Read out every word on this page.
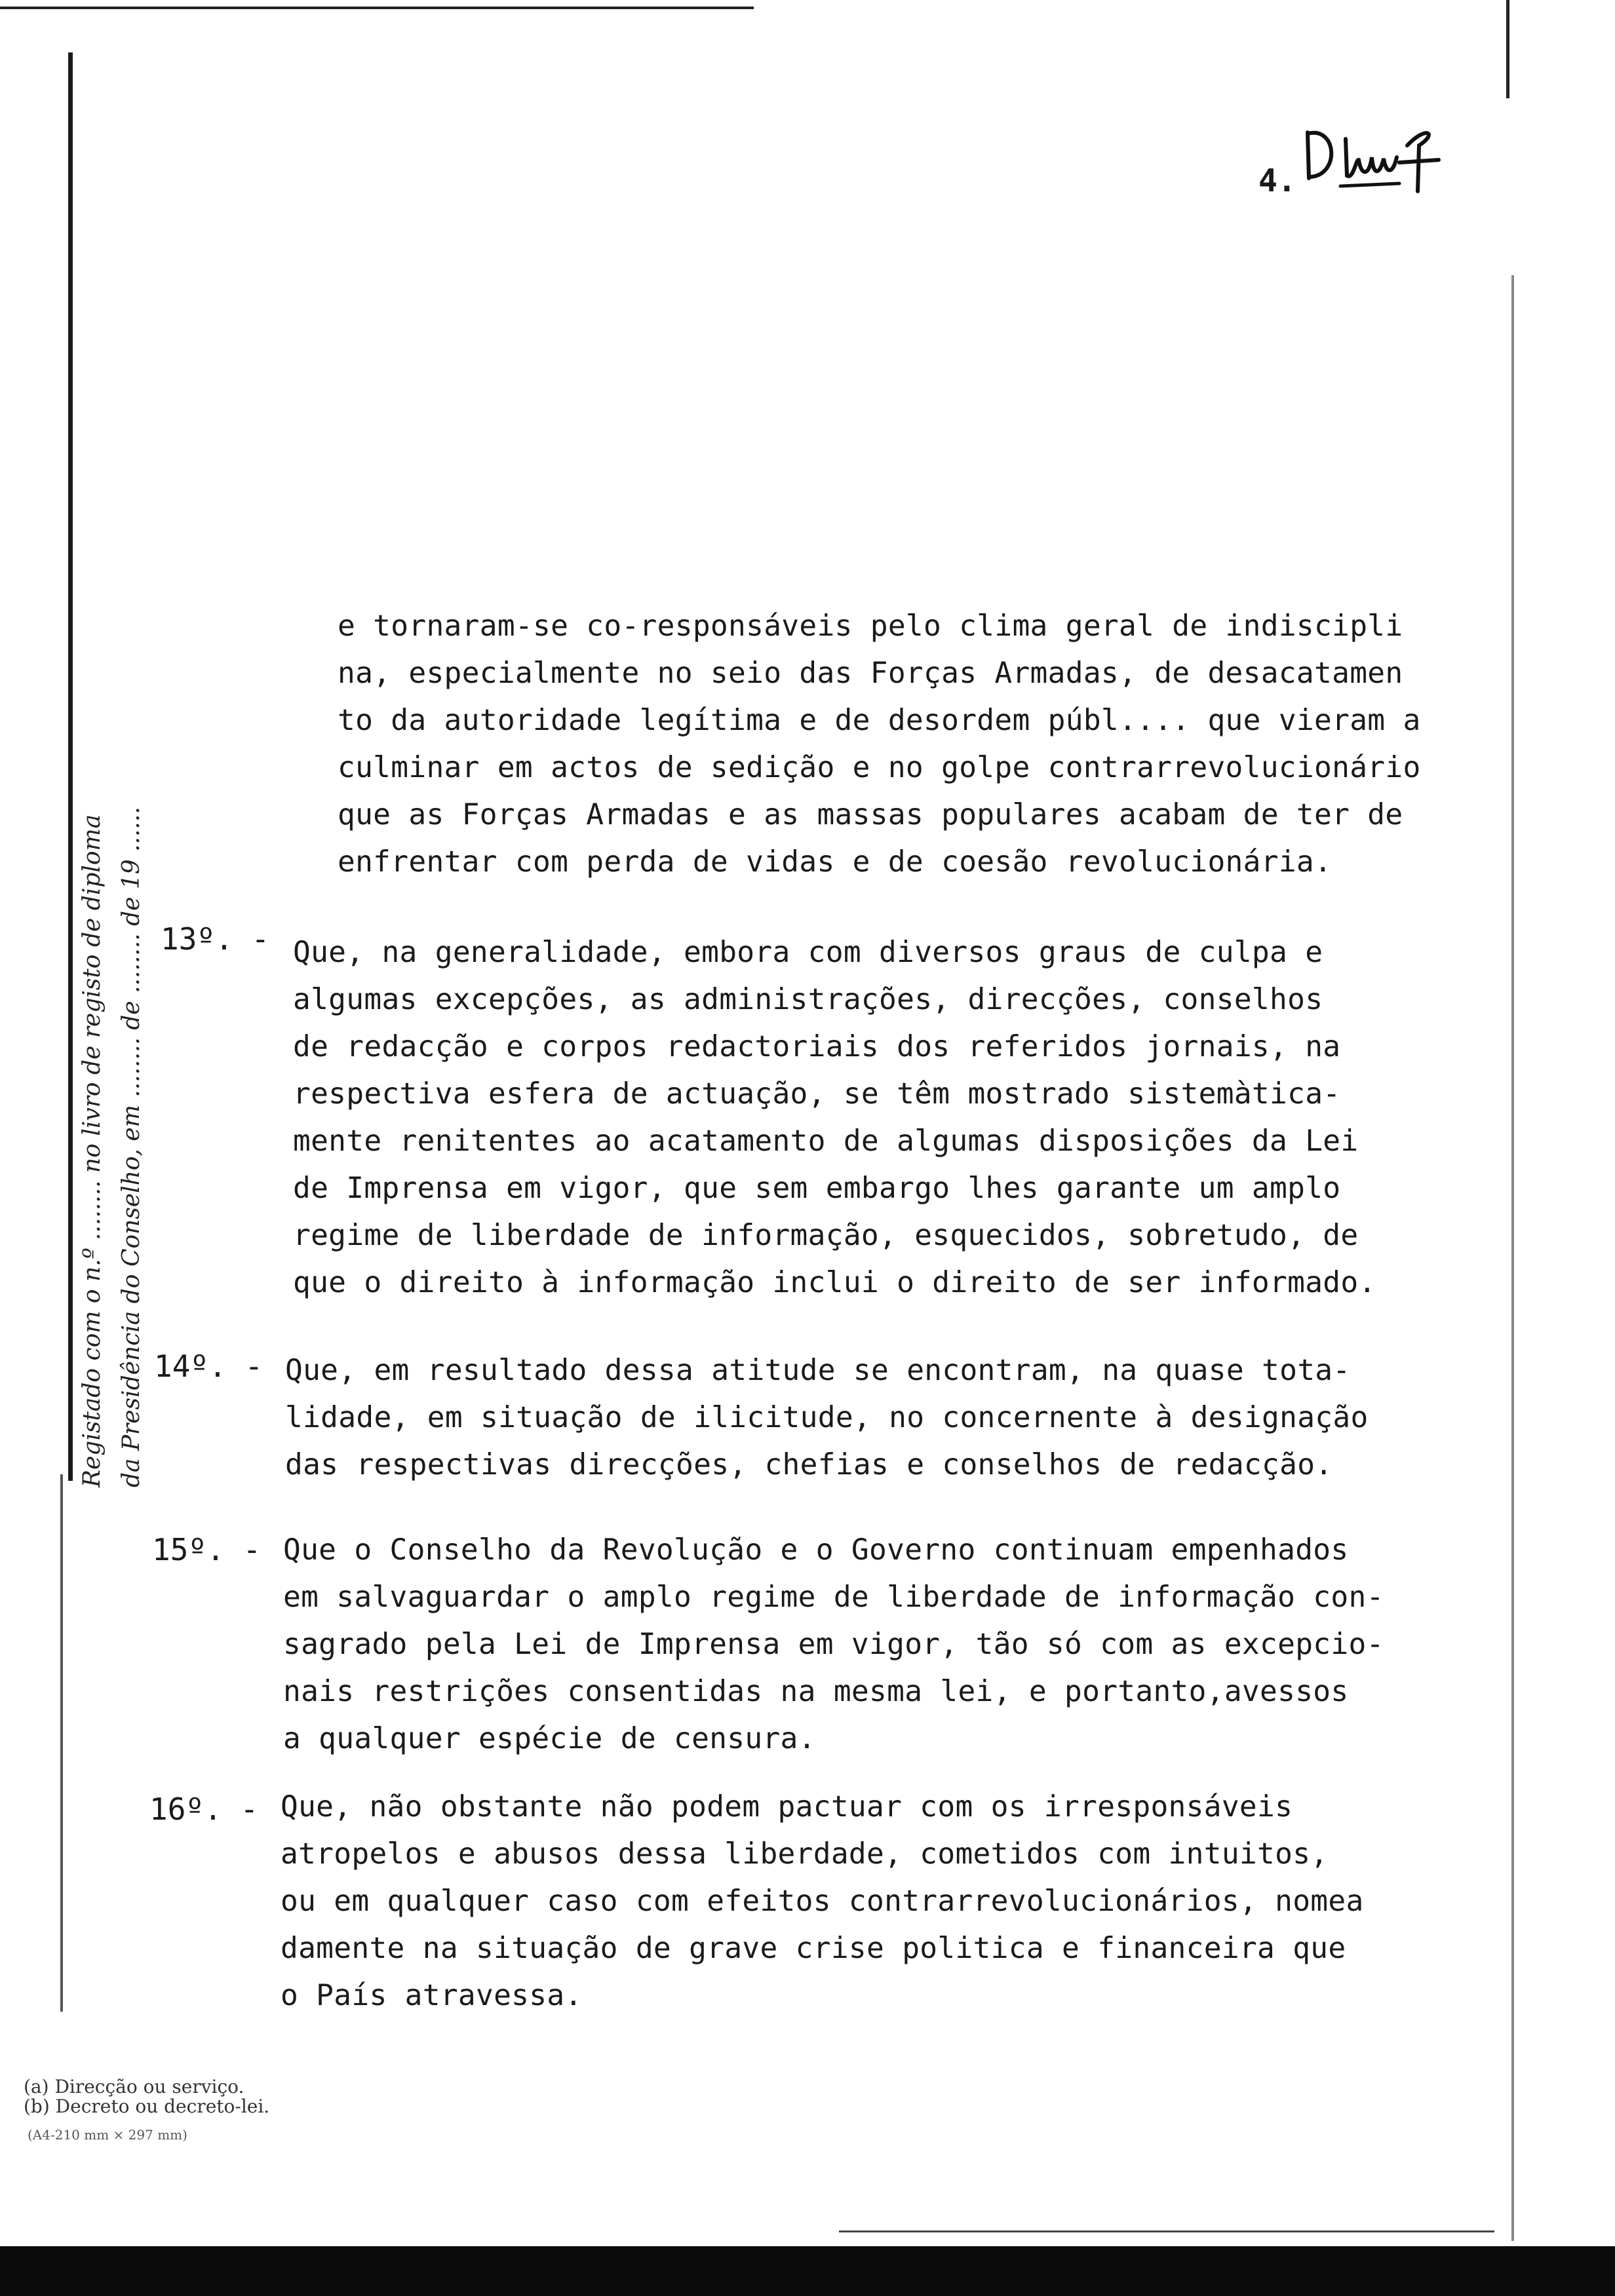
4.
Registado com o n.º ........ no livro de registo de diploma da Presidência do Conselho, em ........ de ........ de 19 ......
e tornaram-se co-responsáveis pelo clima geral de indiscipli
na, especialmente no seio das Forças Armadas, de desacatamen
to da autoridade legítima e de desordem públ.... que vieram a
culminar em actos de sedição e no golpe contrarrevolucionário
que as Forças Armadas e as massas populares acabam de ter de
enfrentar com perda de vidas e de coesão revolucionária.
13º. - Que, na generalidade, embora com diversos graus de culpa e
algumas excepções, as administrações, direcções, conselhos
de redacção e corpos redactoriais dos referidos jornais, na
respectiva esfera de actuação, se têm mostrado sistemàtica-
mente renitentes ao acatamento de algumas disposições da Lei
de Imprensa em vigor, que sem embargo lhes garante um amplo
regime de liberdade de informação, esquecidos, sobretudo, de
que o direito à informação inclui o direito de ser informado.
14º. - Que, em resultado dessa atitude se encontram, na quase tota-
lidade, em situação de ilicitude, no concernente à designação
das respectivas direcções, chefias e conselhos de redacção.
15º. - Que o Conselho da Revolução e o Governo continuam empenhados
em salvaguardar o amplo regime de liberdade de informação con-
sagrado pela Lei de Imprensa em vigor, tão só com as excepcio-
nais restrições consentidas na mesma lei, e portanto,avessos
a qualquer espécie de censura.
16º. - Que, não obstante não podem pactuar com os irresponsáveis
atropelos e abusos dessa liberdade, cometidos com intuitos,
ou em qualquer caso com efeitos contrarrevolucionários, nomea
damente na situação de grave crise politica e financeira que
o País atravessa.
(a) Direcção ou serviço.
(b) Decreto ou decreto-lei.
(A4-210 mm × 297 mm)
